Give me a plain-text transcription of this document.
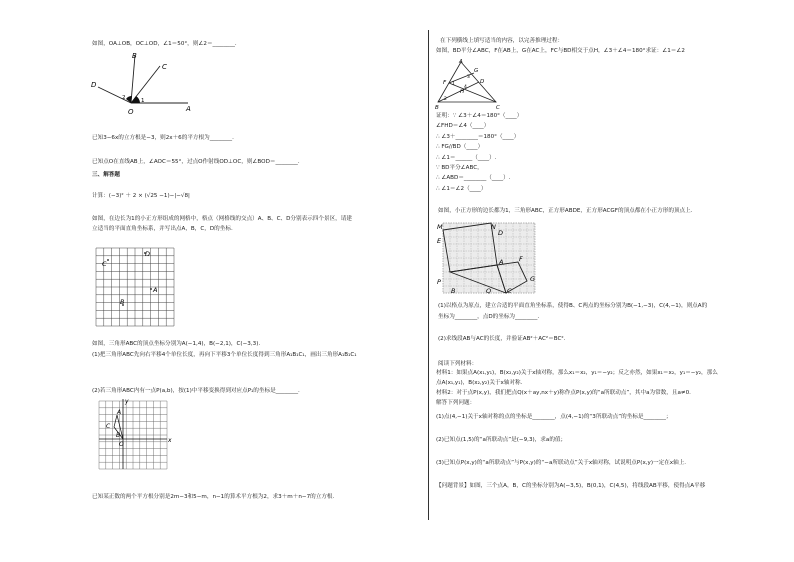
如图，OA⊥OB，OC⊥OD，∠1＝50°，则∠2＝________.
D
B
C
O	A
1
2
已知3−6x的立方根是−3，则2x＋6的平方根为________.
已知点O在直线AB上，∠AOC＝55°，过点O作射线OD⊥OC，则∠BOD＝________.
三、解答题
计算：(−3)² ＋ 2 × (√25 −1)−|−√8|
如图，在边长为1的小正方形组成的网格中，格点（网格线的交点）A、B、C、D分别表示四个景区，请建
立适当的平面直角坐标系，并写出点A，B，C，D的坐标.
C
D
A
B
如图，三角形ABC的顶点坐标分别为A(−1,4)，B(−2,1)，C(−3,3).
(1)把三角形ABC先向右平移4个单位长度，再向下平移3个单位长度得到三角形A₁B₁C₁，画出三角形A₁B₁C₁
(2)若三角形ABC内有一点P(a,b)，按(1)中平移变换得到对应点P₁的坐标是________.
A
C
B
O
x
y
已知某正数的两个平方根分别是2m−3和5−m，n−1的算术平方根为2，求3＋m＋n−7的立方根.
在下列横线上填写适当的内容，以完善推理过程：
如图，BD平分∠ABC，F在AB上，G在AC上，FC与BD相交于点H，∠3＋∠4＝180°求证：∠1＝∠2
A
F
G
D
H
B	C
1
2
3
4
证明：∵ ∠3＋∠4＝180°（____）
∠FHD＝∠4（____）
∴ ∠3＋________＝180°（____）
∴ FG//BD（____）
∴ ∠1＝______（____）.
∵ BD平分∠ABC，
∴ ∠ABD＝________（____）.
∴ ∠1＝∠2（____）
如图，小正方形的边长都为1，三角形ABC，正方形ABDE，正方形ACGF的顶点都在小正方形的顶点上.
M	N
E
D
A F
G
P
B	Q C
(1)以格点为原点，建立合适的平面直角坐标系，使得B、C两点的坐标分别为B(−1,−3)，C(4,−1)，则点A的
坐标为________，点D的坐标为________.
(2)求线段AB与AC的长度，并验证AB²＋AC²＝BC².
阅读下列材料：
材料1：如果点A(x₁,y₁)，B(x₂,y₂)关于x轴对称，那么x₁＝x₂，y₁＝−y₂；反之亦然，如果x₁＝x₂，y₁＝−y₂，那么
点A(x₁,y₁)，B(x₂,y₂)关于x轴对称.
材料2：对于点P(x,y)，我们把点Q(x＋ay,nx＋y)称作点P(x,y)的“a所联动点”，其中a为常数，且a≠0.
解答下列问题：
(1)点(4,−1)关于x轴对称的点的坐标是________，点(4,−1)的“3所联动点”的坐标是________；
(2)已知点(1,5)的“a所联动点”是(−9,3)，求a的值；
(3)已知点P(x,y)的“a所联动点”与P(x,y)的“−a所联动点”关于x轴对称，试说明点P(x,y)一定在x轴上.
【问题背景】如图，三个点A，B，C的坐标分别为A(−3,5)，B(0,1)，C(4,5)，将线段AB平移，使得点A平移
